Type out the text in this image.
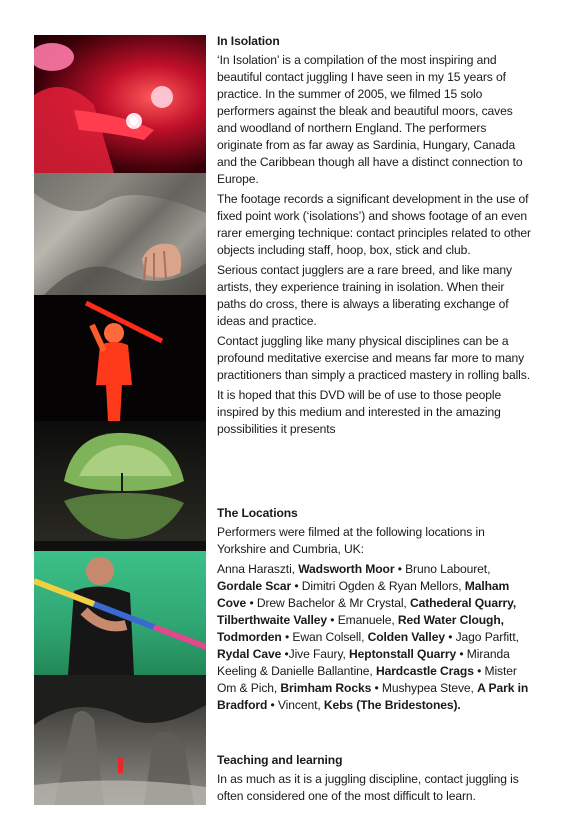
In Isolation

‘In Isolation’ is a compilation of the most inspiring and beautiful contact juggling I have seen in my 15 years of practice. In the summer of 2005, we filmed 15 solo performers against the bleak and beautiful moors, caves and woodland of northern England. The performers originate from as far away as Sardinia, Hungary, Canada and the Caribbean though all have a distinct connection to Europe.

The footage records a significant development in the use of fixed point work (‘isolations’) and shows footage of an even rarer emerging technique: contact principles related to other objects including staff, hoop, box, stick and club.

Serious contact jugglers are a rare breed, and like many artists, they experience training in isolation. When their paths do cross, there is always a liberating exchange of ideas and practice.

Contact juggling like many physical disciplines can be a profound meditative exercise and means far more to many practitioners than simply a practiced mastery in rolling balls.

It is hoped that this DVD will be of use to those people inspired by this medium and interested in the amazing possibilities it presents

The Locations

Performers were filmed at the following locations in Yorkshire and Cumbria, UK:

Anna Haraszti, Wadsworth Moor • Bruno Labouret, Gordale Scar • Dimitri Ogden & Ryan Mellors, Malham Cove • Drew Bachelor & Mr Crystal, Cathederal Quarry, Tilberthwaite Valley • Emanuele, Red Water Clough, Todmorden • Ewan Colsell, Colden Valley • Jago Parfitt, Rydal Cave •Jive Faury, Heptonstall Quarry • Miranda Keeling & Danielle Ballantine, Hardcastle Crags • Mister Om & Pich, Brimham Rocks • Mushypea Steve, A Park in Bradford • Vincent, Kebs (The Bridestones).

Teaching and learning

In as much as it is a juggling discipline, contact juggling is often considered one of the most difficult to learn.
